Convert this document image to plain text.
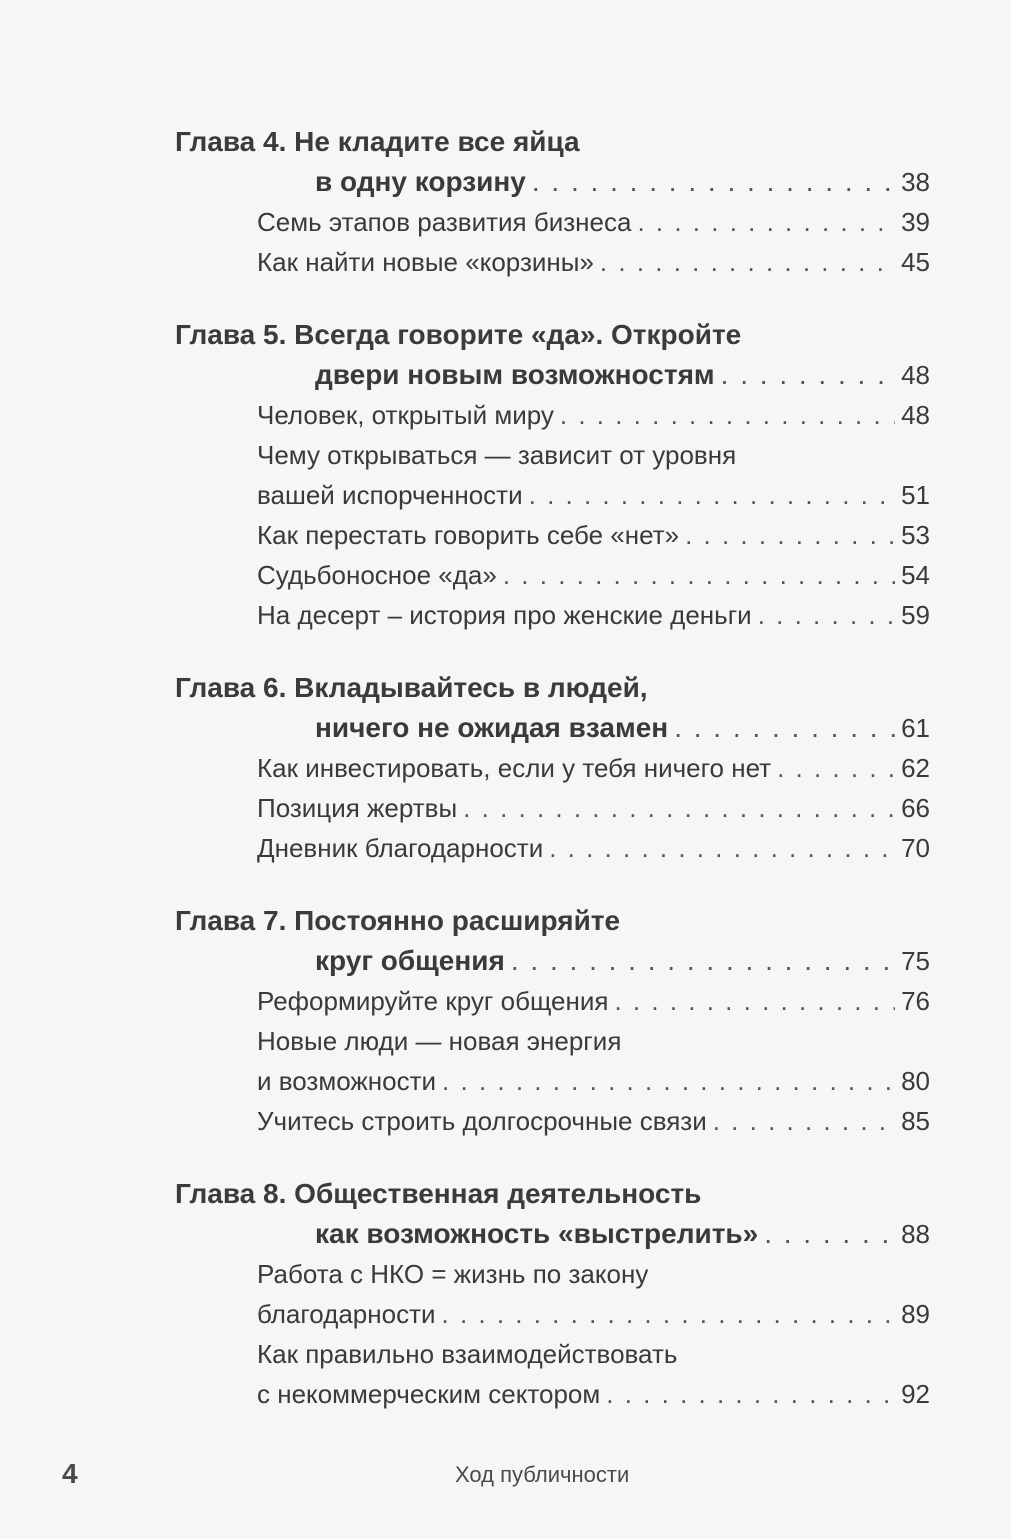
Глава 4. Не кладите все яйца
в одну корзину . . .	38
Семь этапов развития бизнеса . . .	39
Как найти новые «корзины» . . .	45
Глава 5. Всегда говорите «да». Откройте
двери новым возможностям . . .	48
Человек, открытый миру . . .	48
Чему открываться — зависит от уровня
вашей испорченности . . .	51
Как перестать говорить себе «нет» . . .	53
Судьбоносное «да» . . .	54
На десерт – история про женские деньги . . .	59
Глава 6. Вкладывайтесь в людей,
ничего не ожидая взамен . . .	61
Как инвестировать, если у тебя ничего нет . . .	62
Позиция жертвы . . .	66
Дневник благодарности . . .	70
Глава 7. Постоянно расширяйте
круг общения . . .	75
Реформируйте круг общения . . .	76
Новые люди — новая энергия
и возможности . . .	80
Учитесь строить долгосрочные связи . . .	85
Глава 8. Общественная деятельность
как возможность «выстрелить» . . .	88
Работа с НКО = жизнь по закону
благодарности . . .	89
Как правильно взаимодействовать
с некоммерческим сектором . . .	92
4	Ход публичности
